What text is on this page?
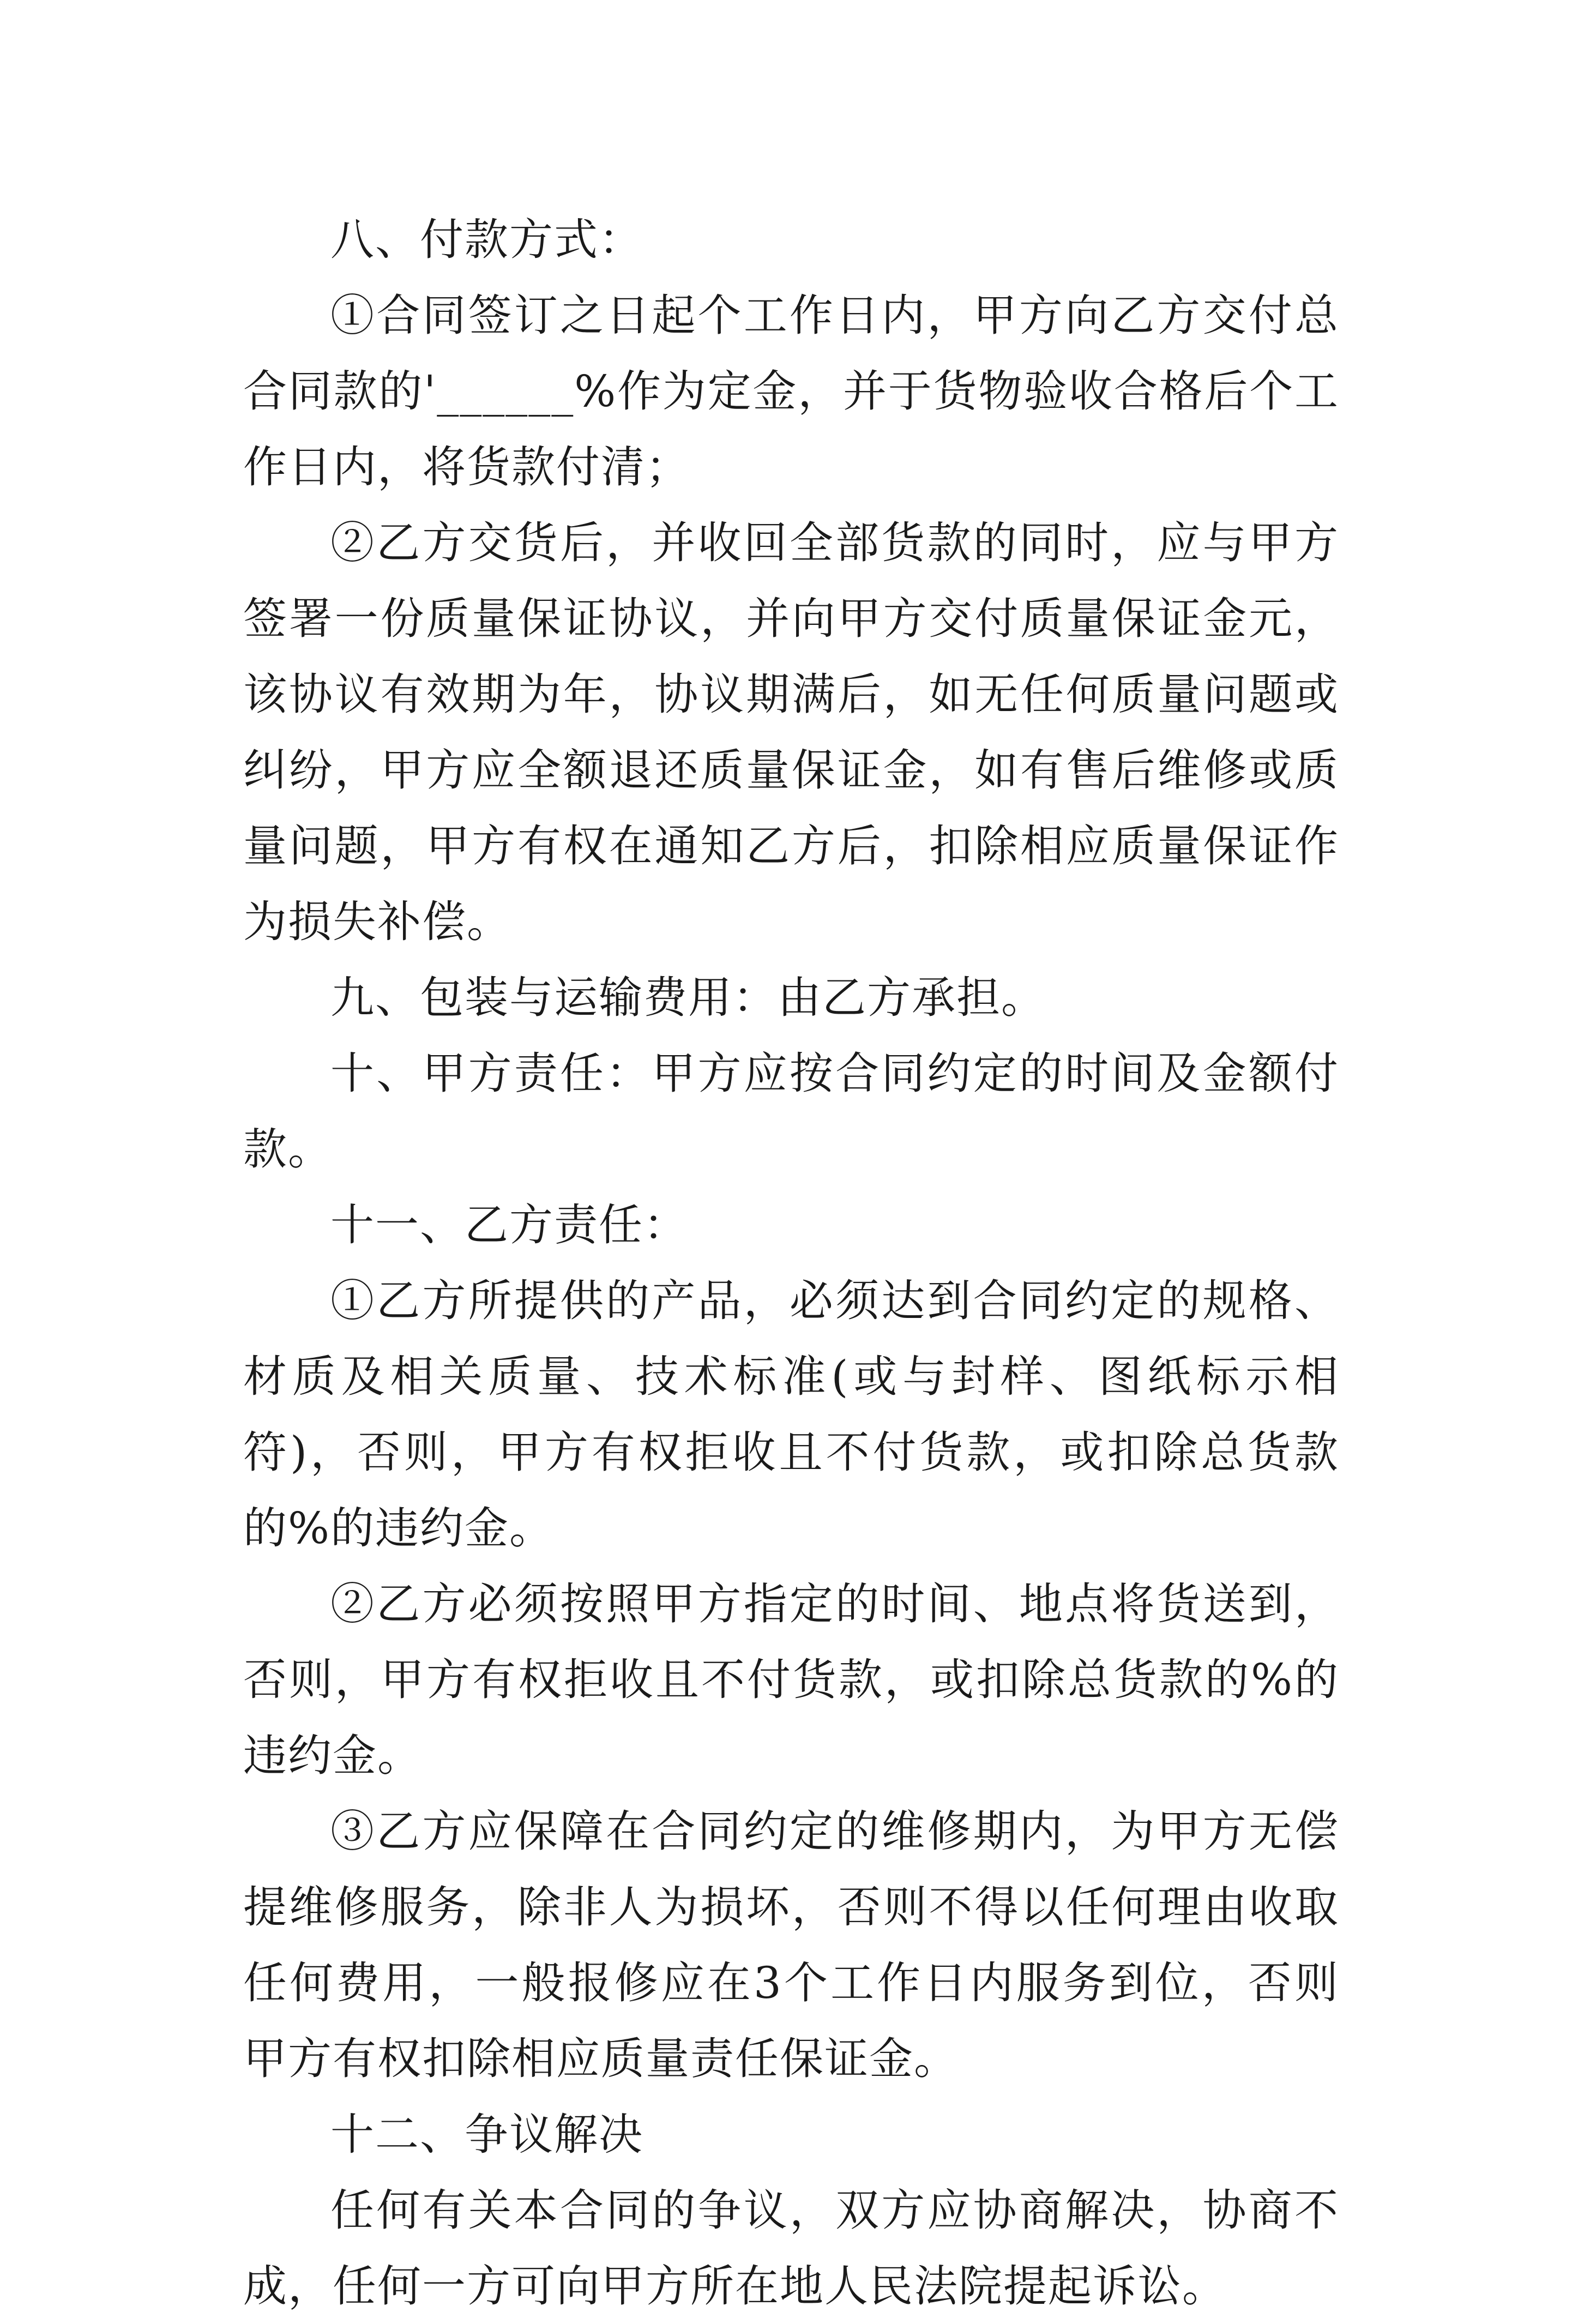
八、付款方式：

①合同签订之日起个工作日内，甲方向乙方交付总合同款的'______%作为定金，并于货物验收合格后个工作日内，将货款付清；

②乙方交货后，并收回全部货款的同时，应与甲方签署一份质量保证协议，并向甲方交付质量保证金元，该协议有效期为年，协议期满后，如无任何质量问题或纠纷，甲方应全额退还质量保证金，如有售后维修或质量问题，甲方有权在通知乙方后，扣除相应质量保证作为损失补偿。

九、包装与运输费用：由乙方承担。

十、甲方责任：甲方应按合同约定的时间及金额付款。

十一、乙方责任：

①乙方所提供的产品，必须达到合同约定的规格、材质及相关质量、技术标准(或与封样、图纸标示相符)，否则，甲方有权拒收且不付货款，或扣除总货款的%的违约金。

②乙方必须按照甲方指定的时间、地点将货送到，否则，甲方有权拒收且不付货款，或扣除总货款的%的违约金。

③乙方应保障在合同约定的维修期内，为甲方无偿提维修服务，除非人为损坏，否则不得以任何理由收取任何费用，一般报修应在3个工作日内服务到位，否则甲方有权扣除相应质量责任保证金。

十二、争议解决

任何有关本合同的争议，双方应协商解决，协商不成，任何一方可向甲方所在地人民法院提起诉讼。
